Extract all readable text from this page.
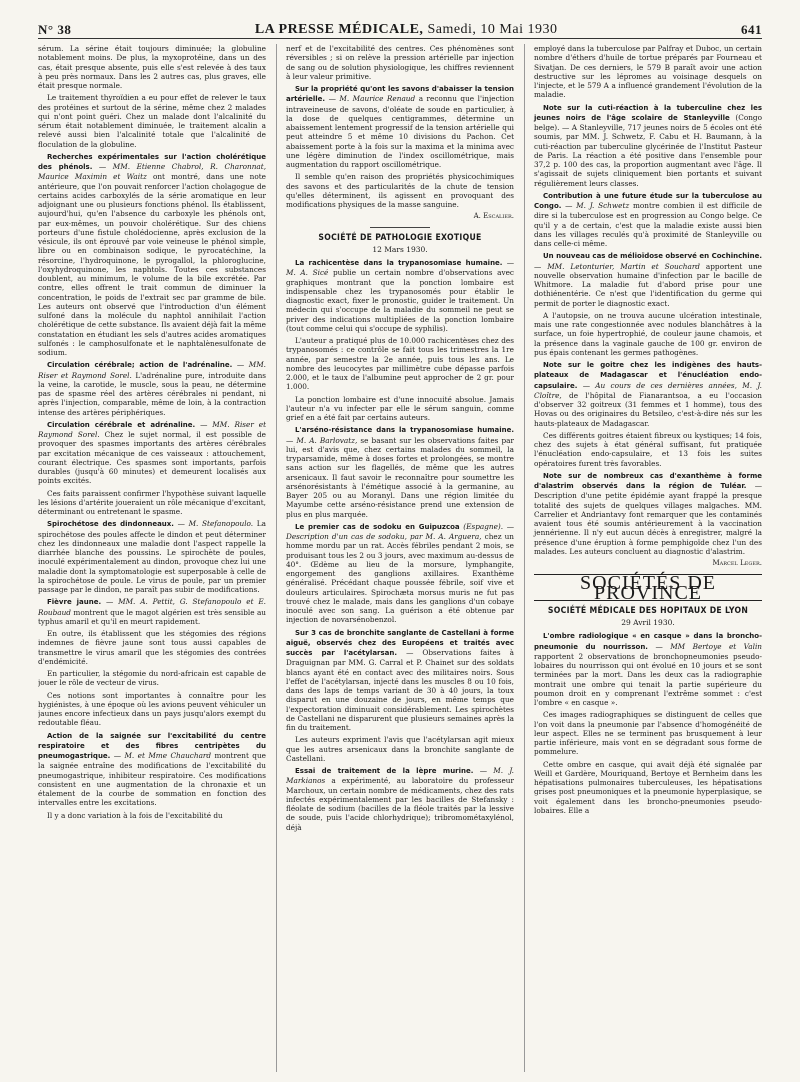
N° 38	LA PRESSE MÉDICALE, Samedi, 10 Mai 1930	641

sérum. La sérine était toujours diminuée; la globuline notablement moins. De plus, la myxoprotéine, dans un des cas, était presque absente, puis elle s'est relevée à des taux à peu près normaux. Dans les 2 autres cas, plus graves, elle était presque normale.

Le traitement thyroïdien a eu pour effet de relever le taux des protéines et surtout de la sérine, même chez 2 malades qui n'ont point guéri. Chez un malade dont l'alcalinité du sérum était notablement diminuée, le traitement alcalin a relevé aussi bien l'alcalinité totale que l'alcalinité de floculation de la globuline.

Recherches expérimentales sur l'action cholérétique des phénols. — MM. Etienne Chabrol, R. Charonnat, Maurice Maximin et Waitz ont montré, dans une note antérieure, que l'on pouvait renforcer l'action cholagogue de certains acides carboxylés de la série aromatique en leur adjoignant une ou plusieurs fonctions phénol. Ils établissent, aujourd'hui, qu'en l'absence du carboxyle les phénols ont, par eux-mêmes, un pouvoir cholérétique. Sur des chiens porteurs d'une fistule cholédocienne, après exclusion de la vésicule, ils ont éprouvé par voie veineuse le phénol simple, libre ou en combinaison sodique, le pyrocatéchine, la résorcine, l'hydroquinone, le pyrogallol, la phloroglucine, l'oxyhydroquinone, les naphtols. Toutes ces substances doublent, au minimum, le volume de la bile excrétée. Par contre, elles offrent le trait commun de diminuer la concentration, le poids de l'extrait sec par gramme de bile. Les auteurs ont observé que l'introduction d'un élément sulfoné dans la molécule du naphtol annihilait l'action cholérétique de cette substance. Ils avaient déjà fait la même constatation en étudiant les sels d'autres acides aromatiques sulfonés : le camphosulfonate et le naphtalènesulfonate de sodium.

Circulation cérébrale; action de l'adrénaline. — MM. Riser et Raymond Sorel. L'adrénaline pure, introduite dans la veine, la carotide, le muscle, sous la peau, ne détermine pas de spasme réel des artères cérébrales ni pendant, ni après l'injection, comparable, même de loin, à la contraction intense des artères périphériques.

Circulation cérébrale et adrénaline. — MM. Riser et Raymond Sorel. Chez le sujet normal, il est possible de provoquer des spasmes importants des artères cérébrales par excitation mécanique de ces vaisseaux : attouchement, courant électrique. Ces spasmes sont importants, parfois durables (jusqu'à 60 minutes) et demeurent localisés aux points excités.

Ces faits paraissent confirmer l'hypothèse suivant laquelle les lésions d'artérite joueraient un rôle mécanique d'excitant, déterminant ou entretenant le spasme.

Spirochétose des dindonneaux. — M. Stefanopoulo. La spirochétose des poules affecte le dindon et peut déterminer chez les dindonneaux une maladie dont l'aspect rappelle la diarrhée blanche des poussins. Le spirochète de poules, inoculé expérimentalement au dindon, provoque chez lui une maladie dont la symptomatologie est superposable à celle de la spirochétose de poule. Le virus de poule, par un premier passage par le dindon, ne paraît pas subir de modifications.

Fièvre jaune. — MM. A. Pettit, G. Stefanopoulo et E. Roubaud montrent que le magot algérien est très sensible au typhus amaril et qu'il en meurt rapidement.

En outre, ils établissent que les stégomies des régions indemnes de fièvre jaune sont tous aussi capables de transmettre le virus amaril que les stégomies des contrées d'endémicité.

En particulier, la stégomie du nord-africain est capable de jouer le rôle de vecteur de virus.

Ces notions sont importantes à connaître pour les hygiénistes, à une époque où les avions peuvent véhiculer un jaunes encore infectieux dans un pays jusqu'alors exempt du redoutable fléau.

Action de la saignée sur l'excitabilité du centre respiratoire et des fibres centripètes du pneumogastrique. — M. et Mme Chauchard montrent que la saignée entraîne des modifications de l'excitabilité du pneumogastrique, inhibiteur respiratoire. Ces modifications consistent en une augmentation de la chronaxie et un étalement de la courbe de sommation en fonction des intervalles entre les excitations.

Il y a donc variation à la fois de l'excitabilité du

nerf et de l'excitabilité des centres. Ces phénomènes sont réversibles ; si on relève la pression artérielle par injection de sang ou de solution physiologique, les chiffres reviennent à leur valeur primitive.

Sur la propriété qu'ont les savons d'abaisser la tension artérielle. — M. Maurice Renaud a reconnu que l'injection intraveineuse de savons, d'oléate de soude en particulier, à la dose de quelques centigrammes, détermine un abaissement lentement progressif de la tension artérielle qui peut atteindre 5 et même 10 divisions du Pachon. Cet abaissement porte à la fois sur la maxima et la minima avec une légère diminution de l'index oscillométrique, mais augmentation du rapport oscillométrique.

Il semble qu'en raison des propriétés physicochimiques des savons et des particularités de la chute de tension qu'elles déterminent, ils agissent en provoquant des modifications physiques de la masse sanguine.

A. Escalier.
SOCIÉTÉ DE PATHOLOGIE EXOTIQUE
12 Mars 1930.

La rachicentèse dans la trypanosomiase humaine. — M. A. Sicé publie un certain nombre d'observations avec graphiques montrant que la ponction lombaire est indispensable chez les trypanosomés pour établir le diagnostic exact, fixer le pronostic, guider le traitement. Un médecin qui s'occupe de la maladie du sommeil ne peut se priver des indications multipliées de la ponction lombaire (tout comme celui qui s'occupe de syphilis).

L'auteur a pratiqué plus de 10.000 rachicentèses chez des trypanosomés : ce contrôle se fait tous les trimestres la 1re année, par semestre la 2e année, puis tous les ans. Le nombre des leucocytes par millimètre cube dépasse parfois 2.000, et le taux de l'albumine peut approcher de 2 gr. pour 1.000.

La ponction lombaire est d'une innocuité absolue. Jamais l'auteur n'a vu infecter par elle le sérum sanguin, comme grief en a été fait par certains auteurs.

L'arséno-résistance dans la trypanosomiase humaine. — M. A. Barlovatz, se basant sur les observations faites par lui, est d'avis que, chez certains malades du sommeil, la tryparsamide, même à doses fortes et prolongées, se montre sans action sur les flagellés, de même que les autres arsenicaux. Il faut savoir le reconnaître pour soumettre les arsénorésistants à l'émétique associé à la germanine, au Bayer 205 ou au Moranyl. Dans une région limitée du Mayumbe cette arséno-résistance prend une extension de plus en plus marquée.

Le premier cas de sodoku en Guipuzcoa (Espagne). — Description d'un cas de sodoku, par M. A. Arguera, chez un homme mordu par un rat. Accès fébriles pendant 2 mois, se produisant tous les 2 ou 3 jours, avec maximum au-dessus de 40°. Œdème au lieu de la morsure, lymphangite, engorgement des ganglions axillaires. Exanthème généralisé. Précédant chaque poussée fébrile, soif vive et douleurs articulaires. Spirochæta morsus muris ne fut pas trouvé chez le malade, mais dans les ganglions d'un cobaye inoculé avec son sang. La guérison a été obtenue par injection de novarsénobenzol.

Sur 3 cas de bronchite sanglante de Castellani à forme aiguë, observés chez des Européens et traités avec succès par l'acétylarsan. — Observations faites à Draguignan par MM. G. Carral et P. Chainet sur des soldats blancs ayant été en contact avec des militaires noirs. Sous l'effet de l'acétylarsan, injecté dans les muscles 8 ou 10 fois, dans des laps de temps variant de 30 à 40 jours, la toux disparut en une douzaine de jours, en même temps que l'expectoration diminuait considérablement. Les spirochètes de Castellani ne disparurent que plusieurs semaines après la fin du traitement.

Les auteurs expriment l'avis que l'acétylarsan agit mieux que les autres arsenicaux dans la bronchite sanglante de Castellani.

Essai de traitement de la lèpre murine. — M. J. Markianos a expérimenté, au laboratoire du professeur Marchoux, un certain nombre de médicaments, chez des rats infectés expérimentalement par les bacilles de Stefansky : fléolate de sodium (bacilles de la fléole traités par la lessive de soude, puis l'acide chlorhydrique); tribromométaxylénol, déjà

employé dans la tuberculose par Palfray et Duboc, un certain nombre d'éthers d'huile de tortue préparés par Fourneau et Sivatjan. De ces derniers, le 579 B paraît avoir une action destructive sur les lépromes au voisinage desquels on l'injecte, et le 579 A a influencé grandement l'évolution de la maladie.

Note sur la cuti-réaction à la tuberculine chez les jeunes noirs de l'âge scolaire de Stanleyville (Congo belge). — A Stanleyville, 717 jeunes noirs de 5 écoles ont été soumis, par MM. J. Schwetz, F. Cabu et H. Baumann, à la cuti-réaction par tuberculine glycérinée de l'Institut Pasteur de Paris. La réaction a été positive dans l'ensemble pour 37,2 p. 100 des cas, la proportion augmentant avec l'âge. Il s'agissait de sujets cliniquement bien portants et suivant régulièrement leurs classes.

Contribution à une future étude sur la tuberculose au Congo. — M. J. Schwetz montre combien il est difficile de dire si la tuberculose est en progression au Congo belge. Ce qu'il y a de certain, c'est que la maladie existe aussi bien dans les villages reculés qu'à proximité de Stanleyville ou dans celle-ci même.

Un nouveau cas de mélioïdose observé en Cochinchine. — MM. Letonturier, Martin et Souchard apportent une nouvelle observation humaine d'infection par le bacille de Whitmore. La maladie fut d'abord prise pour une dothiénentérie. Ce n'est que l'identification du germe qui permit de porter le diagnostic exact.

A l'autopsie, on ne trouva aucune ulcération intestinale, mais une rate congestionnée avec nodules blanchâtres à la surface, un foie hypertrophié, de couleur jaune chamois, et la présence dans la vaginale gauche de 100 gr. environ de pus épais contenant les germes pathogènes.

Note sur le goitre chez les indigènes des hauts-plateaux de Madagascar et l'énucléation endo-capsulaire. — Au cours de ces dernières années, M. J. Cloître, de l'hôpital de Fianarantsoa, a eu l'occasion d'observer 32 goitreux (31 femmes et 1 homme), tous des Hovas ou des originaires du Betsileo, c'est-à-dire nés sur les hauts-plateaux de Madagascar.

Ces différents goitres étaient fibreux ou kystiques; 14 fois, chez des sujets à état général suffisant, fut pratiquée l'énucléation endo-capsulaire, et 13 fois les suites opératoires furent très favorables.

Note sur de nombreux cas d'exanthème à forme d'alastrim observés dans la région de Tuléar. — Description d'une petite épidémie ayant frappé la presque totalité des sujets de quelques villages malgaches. MM. Carrelier et Andriantavy font remarquer que les contaminés avaient tous été soumis antérieurement à la vaccination jennérienne. Il n'y eut aucun décès à enregistrer, malgré la présence d'une éruption à forme pemphigoïde chez l'un des malades. Les auteurs concluent au diagnostic d'alastrim.

Marcel Leger.
SOCIÉTÉS DE PROVINCE
SOCIÉTÉ MÉDICALE DES HOPITAUX DE LYON
29 Avril 1930.

L'ombre radiologique « en casque » dans la broncho-pneumonie du nourrisson. — MM Bertoye et Valin rapportent 2 observations de bronchopneumonies pseudo-lobaires du nourrisson qui ont évolué en 10 jours et se sont terminées par la mort. Dans les deux cas la radiographie montrait une ombre qui tenait la partie supérieure du poumon droit en y comprenant l'extrême sommet : c'est l'ombre « en casque ».

Ces images radiographiques se distinguent de celles que l'on voit dans la pneumonie par l'absence d'homogénéité de leur aspect. Elles ne se terminent pas brusquement à leur partie inférieure, mais vont en se dégradant sous forme de pommelure.

Cette ombre en casque, qui avait déjà été signalée par Weill et Gardère, Mouriquand, Bertoye et Bernheim dans les hépatisations pulmonaires tuberculeuses, les hépatisations grises post pneumoniques et la pneumonie hyperplasique, se voit également dans les broncho-pneumonies pseudo-lobaires. Elle a
